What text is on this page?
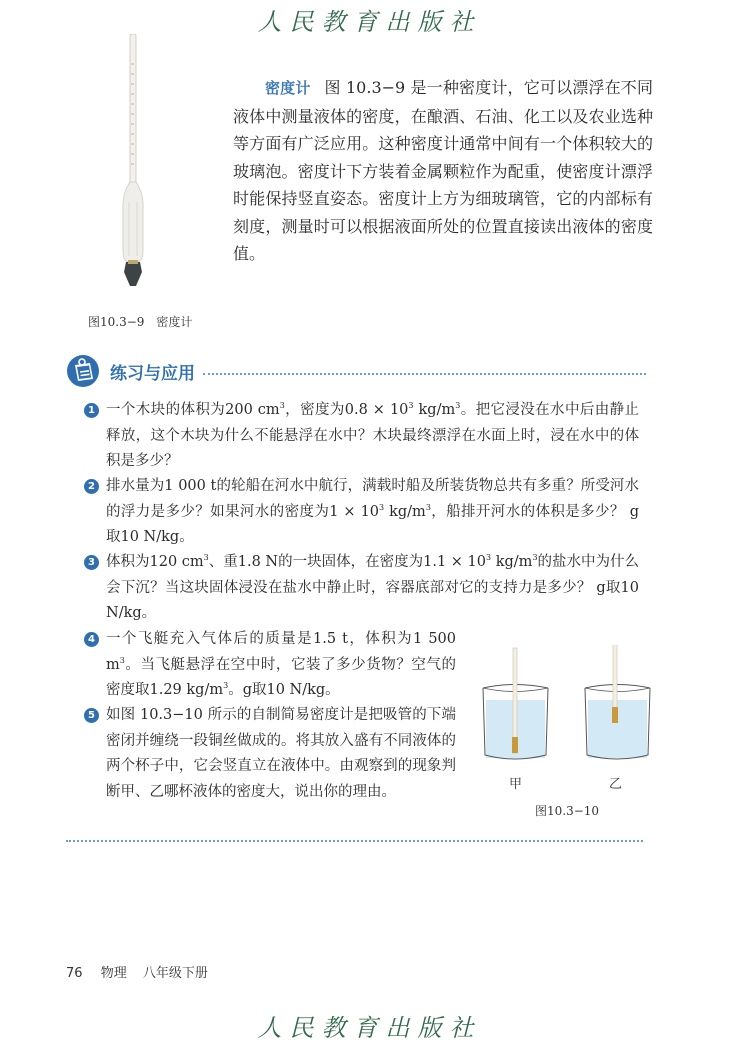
人民教育出版社
图10.3−9　密度计
密度计 图 10.3−9 是一种密度计，它可以漂浮在不同液体中测量液体的密度，在酿酒、石油、化工以及农业选种等方面有广泛应用。这种密度计通常中间有一个体积较大的玻璃泡。密度计下方装着金属颗粒作为配重，使密度计漂浮时能保持竖直姿态。密度计上方为细玻璃管，它的内部标有刻度，测量时可以根据液面所处的位置直接读出液体的密度值。
练习与应用
1 一个木块的体积为200 $cm^3$，密度为$0.8 \times 10^3$ $kg/m^3$。把它浸没在水中后由静止释放，这个木块为什么不能悬浮在水中？木块最终漂浮在水面上时，浸在水中的体积是多少？
2 排水量为1 000 t的轮船在河水中航行，满载时船及所装货物总共有多重？所受河水的浮力是多少？如果河水的密度为$1 \times 10^3$ $kg/m^3$，船排开河水的体积是多少？ g取10 N/kg。
3 体积为120 $cm^3$、重1.8 N的一块固体，在密度为$1.1 \times 10^3$ $kg/m^3$的盐水中为什么会下沉？当这块固体浸没在盐水中静止时，容器底部对它的支持力是多少？ g取10 N/kg。
4 一个飞艇充入气体后的质量是1.5 t，体积为1 500 $m^3$。当飞艇悬浮在空中时，它装了多少货物？空气的密度取1.29 $kg/m^3$。g取10 N/kg。
5 如图 10.3−10 所示的自制简易密度计是把吸管的下端密闭并缠绕一段铜丝做成的。将其放入盛有不同液体的两个杯子中，它会竖直立在液体中。由观察到的现象判断甲、乙哪杯液体的密度大，说出你的理由。	甲	乙
图10.3−10
76 物理 八年级下册
人民教育出版社
